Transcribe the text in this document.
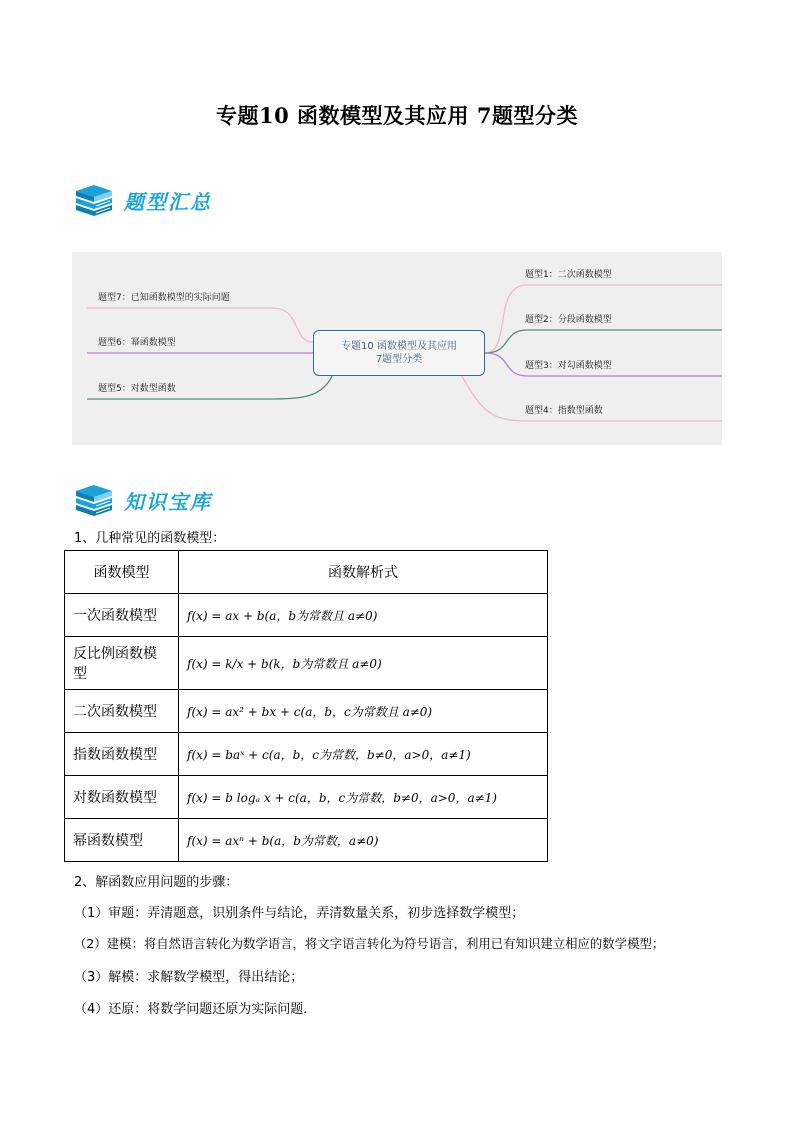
专题10 函数模型及其应用 7题型分类
题型汇总
专题10 函数模型及其应用
7题型分类
题型1：二次函数模型
题型2：分段函数模型
题型3：对勾函数模型
题型4：指数型函数
题型7：已知函数模型的实际问题
题型6：幂函数模型
题型5：对数型函数
知识宝库
1、几种常见的函数模型：
函数模型	函数解析式
一次函数模型	f(x) = ax + b(a，b为常数且 a≠0)
反比例函数模型	f(x) = k/x + b(k，b为常数且 a≠0)
二次函数模型	f(x) = ax² + bx + c(a，b，c为常数且 a≠0)
指数函数模型	f(x) = baˣ + c(a，b，c为常数，b≠0，a>0，a≠1)
对数函数模型	f(x) = b logₐ x + c(a，b，c为常数，b≠0，a>0，a≠1)
幂函数模型	f(x) = axⁿ + b(a，b为常数，a≠0)
2、解函数应用问题的步骤：
（1）审题：弄清题意，识别条件与结论，弄清数量关系，初步选择数学模型；
（2）建模：将自然语言转化为数学语言，将文字语言转化为符号语言，利用已有知识建立相应的数学模型；
（3）解模：求解数学模型，得出结论；
（4）还原：将数学问题还原为实际问题．
